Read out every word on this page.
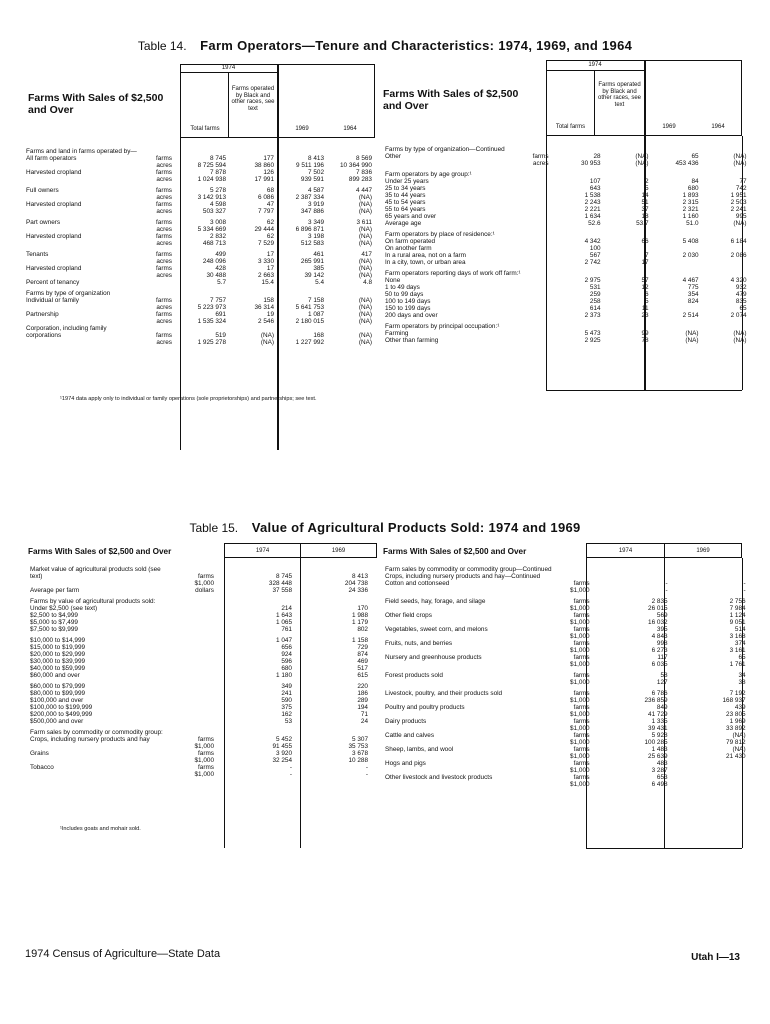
Table 14. Farm Operators—Tenure and Characteristics: 1974, 1969, and 1964
Farms With Sales of $2,500 and Over
Farms With Sales of $2,500 and Over
1974
Total farms
Farms operated by Black and other races, see text
1969	1964
1974
Total farms
Farms operated by Black and other races, see text
1969	1964
Farms and land in farms operated by—					
All farm operators	farms	8 745	177	8 413	8 569
	acres	8 725 594	38 860	9 511 196	10 364 990
Harvested cropland	farms	7 878	126	7 502	7 836
	acres	1 024 938	17 991	939 591	899 283

Full owners	farms	5 278	68	4 587	4 447
	acres	3 142 913	6 086	2 387 334	(NA)
Harvested cropland	farms	4 598	47	3 919	(NA)
	acres	503 327	7 797	347 886	(NA)

Part owners	farms	3 008	62	3 349	3 611
	acres	5 334 669	29 444	6 896 871	(NA)
Harvested cropland	farms	2 832	62	3 198	(NA)
	acres	468 713	7 529	512 583	(NA)

Tenants	farms	499	17	461	417
	acres	248 096	3 330	265 991	(NA)
Harvested cropland	farms	428	17	385	(NA)
	acres	30 488	2 663	39 142	(NA)
Percent of tenancy		5.7	15.4	5.4	4.8

Farms by type of organization					
Individual or family	farms	7 757	158	7 158	(NA)
	acres	5 223 973	36 314	5 641 753	(NA)
Partnership	farms	691	19	1 087	(NA)
	acres	1 535 324	2 546	2 180 015	(NA)
Corporation, including family					
corporations	farms	519	(NA)	168	(NA)
	acres	1 925 278	(NA)	1 227 992	(NA)
Farms by type of organization—Continued					
Other	farms	28	(NA)	65	(NA)
	acres	30 953	(NA)	453 436	(NA)

Farm operators by age group:¹					
Under 25 years		107	2	84	77
25 to 34 years		643	5	680	742
35 to 44 years		1 538	14	1 893	1 951
45 to 54 years		2 243	51	2 315	2 503
55 to 64 years		2 221	37	2 321	2 241
65 years and over		1 634	18	1 160	995
Average age		52.6	53.7	51.0	(NA)

Farm operators by place of residence:¹					
On farm operated		4 342	66	5 408	6 184
On another farm		100			
In a rural area, not on a farm		567	7	2 030	2 086
In a city, town, or urban area		2 742	17		

Farm operators reporting days of work off farm:¹					
None		2 975	57	4 467	4 320
1 to 49 days		531	12	775	932
50 to 99 days		259	6	354	479
100 to 149 days		258	5	824	835
150 to 199 days		614	11		65
200 days and over		2 373	23	2 514	2 074

Farm operators by principal occupation:¹					
Farming		5 473	99	(NA)	(NA)
Other than farming		2 925	78	(NA)	(NA)
¹1974 data apply only to individual or family operations (sole proprietorships) and partnerships; see text.
Table 15. Value of Agricultural Products Sold: 1974 and 1969
Farms With Sales of $2,500 and Over	Farms With Sales of $2,500 and Over
1974	1969	1974	1969
Market value of agricultural products sold (see			
text)	farms	8 745	8 413
	$1,000	328 448	204 738
Average per farm	dollars	37 558	24 336

Farms by value of agricultural products sold:			
Under $2,500 (see text)		214	170
$2,500 to $4,999		1 643	1 988
$5,000 to $7,499		1 065	1 179
$7,500 to $9,999		761	802

$10,000 to $14,999		1 047	1 158
$15,000 to $19,999		656	729
$20,000 to $29,999		924	874
$30,000 to $39,999		596	469
$40,000 to $59,999		680	517
$60,000 and over		1 180	615

$60,000 to $79,999		349	220
$80,000 to $99,999		241	186
$100,000 and over		590	289
$100,000 to $199,999		375	194
$200,000 to $499,999		162	71
$500,000 and over		53	24

Farm sales by commodity or commodity group:			
Crops, including nursery products and hay	farms	5 452	5 307
	$1,000	91 455	35 753
Grains	farms	3 920	3 678
	$1,000	32 254	10 288
Tobacco	farms	-	-
	$1,000	-	-
Farm sales by commodity or commodity group—Continued			
Crops, including nursery products and hay—Continued			
Cotton and cottonseed	farms	-	-
	$1,000	-	-

Field seeds, hay, forage, and silage	farms	2 835	2 756
	$1,000	26 015	7 984
Other field crops	farms	569	1 124
	$1,000	16 032	9 051
Vegetables, sweet corn, and melons	farms	395	514
	$1,000	4 843	3 168
Fruits, nuts, and berries	farms	998	374
	$1,000	6 273	3 161
Nursery and greenhouse products	farms	117	65
	$1,000	6 035	1 761

Forest products sold	farms	58	34
	$1,000	127	38

Livestock, poultry, and their products sold	farms	6 786	7 192
	$1,000	236 859	168 937
Poultry and poultry products	farms	849	439
	$1,000	41 729	23 805
Dairy products	farms	1 335	1 969
	$1,000	39 431	33 892
Cattle and calves	farms	5 928	(NA)
	$1,000	100 285	79 812
Sheep, lambs, and wool	farms	1 483	(NA)
	$1,000	25 639	21 430
Hogs and pigs	farms	483	
	$1,000	3 287	
Other livestock and livestock products	farms	653	
	$1,000	6 498	
¹Includes goats and mohair sold.
1974 Census of Agriculture—State Data	Utah I—13
